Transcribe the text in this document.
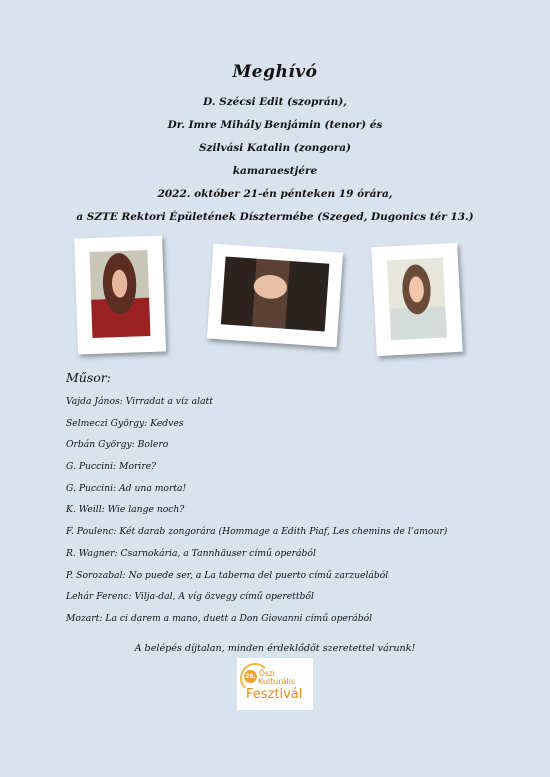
Meghívó
D. Szécsi Edit (szoprán),
Dr. Imre Mihály Benjámin (tenor) és
Szilvási Katalin (zongora)
kamaraestjére
2022. október 21-én pénteken 19 órára,
a SZTE Rektori Épületének Dísztermébe (Szeged, Dugonics tér 13.)
Műsor:
Vajda János: Virradat a víz alatt
Selmeczi György: Kedves
Orbán György: Bolero
G. Puccini: Morire?
G. Puccini: Ad una morta!
K. Weill: Wie lange noch?
F. Poulenc: Két darab zongorára (Hommage a Edith Piaf, Les chemins de l’amour)
R. Wagner: Csarnokária, a Tannhäuser című operából
P. Sorozabal: No puede ser, a La taberna del puerto című zarzuelából
Lehár Ferenc: Vilja-dal, A víg özvegy című operettből
Mozart: La ci darem a mano, duett a Don Giovanni című operából
A belépés díjtalan, minden érdeklődőt szeretettel várunk!
26. Őszi
Kulturális
Fesztivál
